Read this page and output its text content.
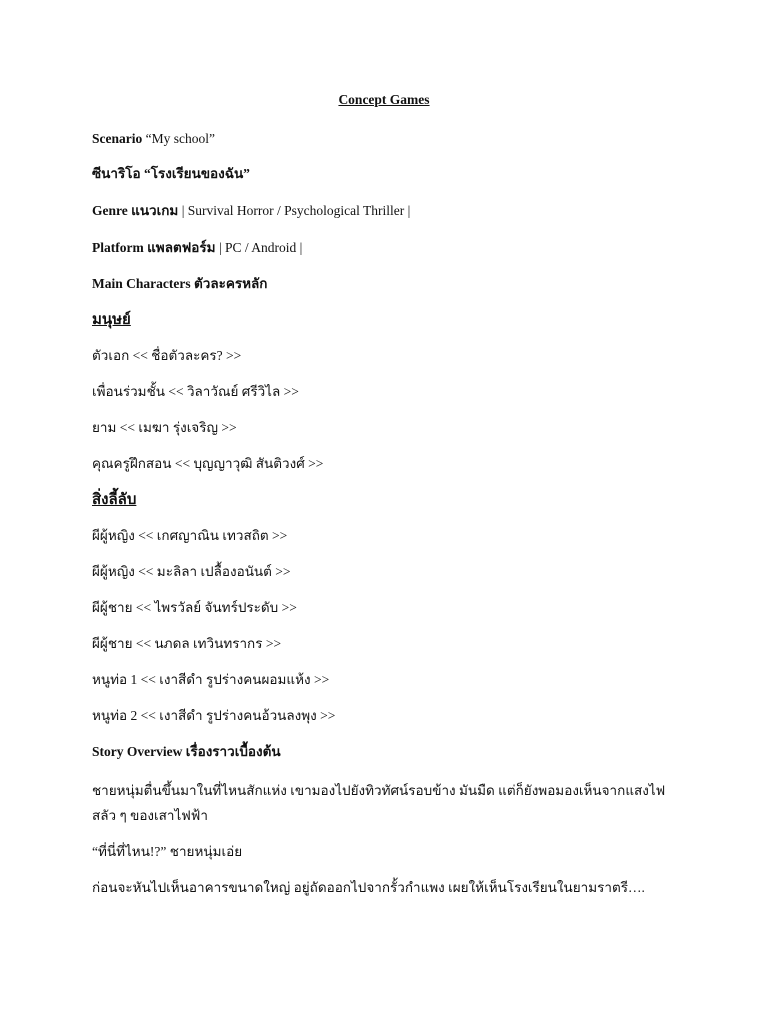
Concept Games
Scenario “My school”
ซีนาริโอ “โรงเรียนของฉัน”
Genre แนวเกม | Survival Horror / Psychological Thriller |
Platform แพลตฟอร์ม | PC / Android |
Main Characters ตัวละครหลัก
มนุษย์
ตัวเอก << ชื่อตัวละคร? >>
เพื่อนร่วมชั้น << วิลาวัณย์ ศรีวิไล >>
ยาม << เมฆา รุ่งเจริญ >>
คุณครูฝึกสอน << บุญญาวุฒิ สันติวงศ์ >>
สิ่งลี้ลับ
ผีผู้หญิง << เกศญาณิน เทวสถิต >>
ผีผู้หญิง << มะลิลา เปลื้องอนันต์ >>
ผีผู้ชาย << ไพรวัลย์ จันทร์ประดับ >>
ผีผู้ชาย << นภดล เทวินทรากร >>
หนูท่อ 1 << เงาสีดำ รูปร่างคนผอมแห้ง >>
หนูท่อ 2 << เงาสีดำ รูปร่างคนอ้วนลงพุง >>
Story Overview เรื่องราวเบื้องต้น
ชายหนุ่มตื่นขึ้นมาในที่ไหนสักแห่ง เขามองไปยังทิวทัศน์รอบข้าง มันมืด แต่ก็ยังพอมองเห็นจากแสงไฟสลัว ๆ ของเสาไฟฟ้า
“ที่นี่ที่ไหน!?” ชายหนุ่มเอ่ย
ก่อนจะหันไปเห็นอาคารขนาดใหญ่ อยู่ถัดออกไปจากรั้วกำแพง เผยให้เห็นโรงเรียนในยามราตรี….
